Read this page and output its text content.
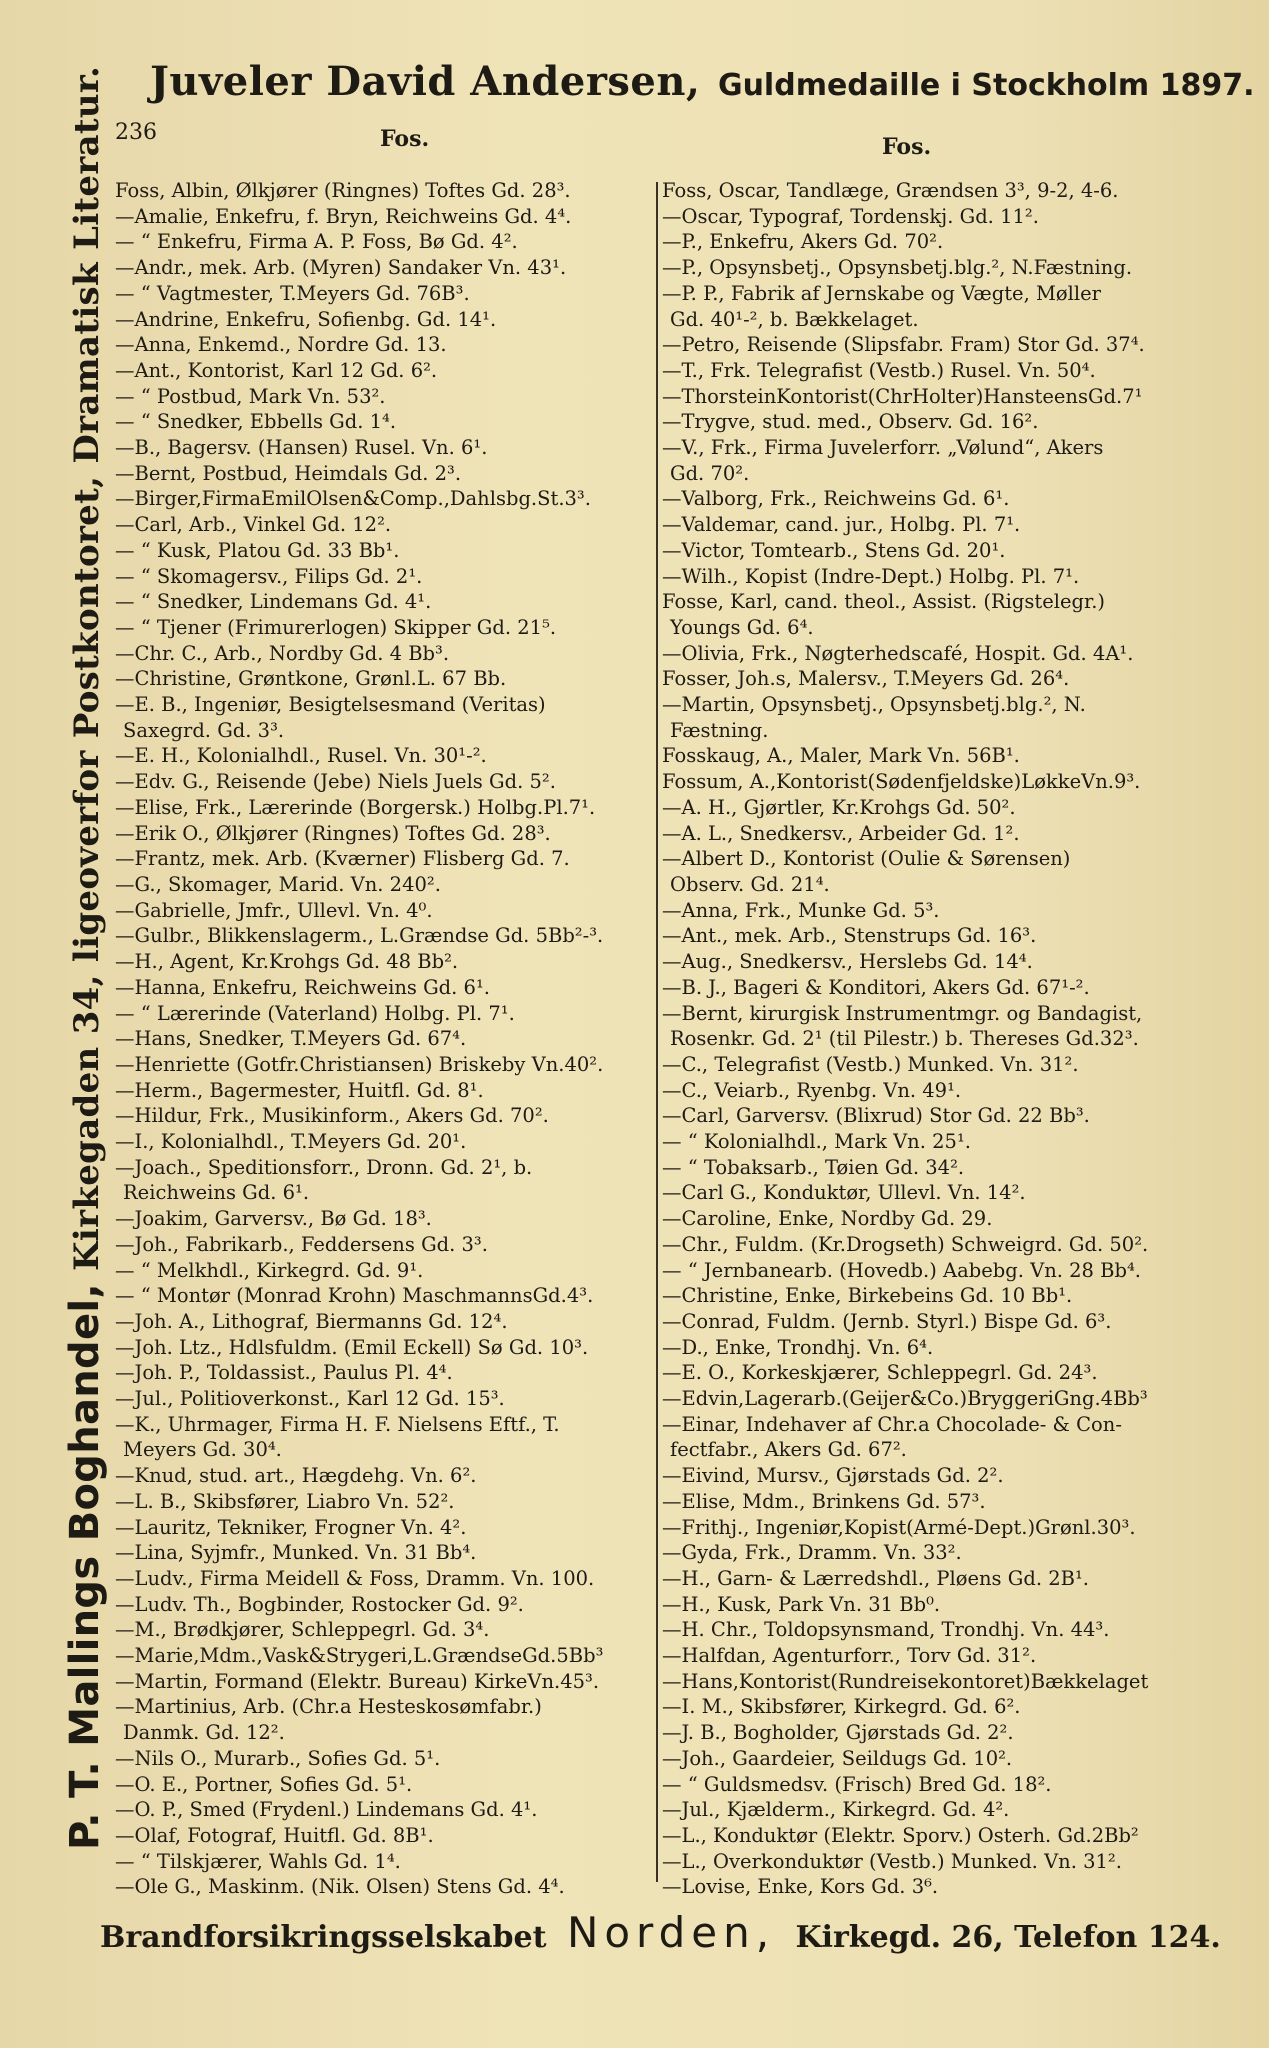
Juveler David Andersen, Guldmedaille i Stockholm 1897.
236	Fos.	Fos.
P. T. Mallings Boghandel, Kirkegaden 34, ligeoverfor Postkontoret, Dramatisk Literatur. Foss, Albin, Ølkjører (Ringnes) Toftes Gd. 28³.
—Amalie, Enkefru, f. Bryn, Reichweins Gd. 4⁴.
— “ Enkefru, Firma A. P. Foss, Bø Gd. 4².
—Andr., mek. Arb. (Myren) Sandaker Vn. 43¹.
— “ Vagtmester, T.Meyers Gd. 76B³.
—Andrine, Enkefru, Sofienbg. Gd. 14¹.
—Anna, Enkemd., Nordre Gd. 13.
—Ant., Kontorist, Karl 12 Gd. 6².
— “ Postbud, Mark Vn. 53².
— “ Snedker, Ebbells Gd. 1⁴.
—B., Bagersv. (Hansen) Rusel. Vn. 6¹.
—Bernt, Postbud, Heimdals Gd. 2³.
—Birger,FirmaEmilOlsen&Comp.,Dahlsbg.St.3³.
—Carl, Arb., Vinkel Gd. 12².
— “ Kusk, Platou Gd. 33 Bb¹.
— “ Skomagersv., Filips Gd. 2¹.
— “ Snedker, Lindemans Gd. 4¹.
— “ Tjener (Frimurerlogen) Skipper Gd. 21⁵.
—Chr. C., Arb., Nordby Gd. 4 Bb³.
—Christine, Grøntkone, Grønl.L. 67 Bb.
—E. B., Ingeniør, Besigtelsesmand (Veritas)
Saxegrd. Gd. 3³.
—E. H., Kolonialhdl., Rusel. Vn. 30¹-².
—Edv. G., Reisende (Jebe) Niels Juels Gd. 5².
—Elise, Frk., Lærerinde (Borgersk.) Holbg.Pl.7¹.
—Erik O., Ølkjører (Ringnes) Toftes Gd. 28³.
—Frantz, mek. Arb. (Kværner) Flisberg Gd. 7.
—G., Skomager, Marid. Vn. 240².
—Gabrielle, Jmfr., Ullevl. Vn. 4⁰.
—Gulbr., Blikkenslagerm., L.Grændse Gd. 5Bb²-³.
—H., Agent, Kr.Krohgs Gd. 48 Bb².
—Hanna, Enkefru, Reichweins Gd. 6¹.
— “ Lærerinde (Vaterland) Holbg. Pl. 7¹.
—Hans, Snedker, T.Meyers Gd. 67⁴.
—Henriette (Gotfr.Christiansen) Briskeby Vn.40².
—Herm., Bagermester, Huitfl. Gd. 8¹.
—Hildur, Frk., Musikinform., Akers Gd. 70².
—I., Kolonialhdl., T.Meyers Gd. 20¹.
—Joach., Speditionsforr., Dronn. Gd. 2¹, b.
Reichweins Gd. 6¹.
—Joakim, Garversv., Bø Gd. 18³.
—Joh., Fabrikarb., Feddersens Gd. 3³.
— “ Melkhdl., Kirkegrd. Gd. 9¹.
— “ Montør (Monrad Krohn) MaschmannsGd.4³.
—Joh. A., Lithograf, Biermanns Gd. 12⁴.
—Joh. Ltz., Hdlsfuldm. (Emil Eckell) Sø Gd. 10³.
—Joh. P., Toldassist., Paulus Pl. 4⁴.
—Jul., Politioverkonst., Karl 12 Gd. 15³.
—K., Uhrmager, Firma H. F. Nielsens Eftf., T.
Meyers Gd. 30⁴.
—Knud, stud. art., Hægdehg. Vn. 6².
—L. B., Skibsfører, Liabro Vn. 52².
—Lauritz, Tekniker, Frogner Vn. 4².
—Lina, Syjmfr., Munked. Vn. 31 Bb⁴.
—Ludv., Firma Meidell & Foss, Dramm. Vn. 100.
—Ludv. Th., Bogbinder, Rostocker Gd. 9².
—M., Brødkjører, Schleppegrl. Gd. 3⁴.
—Marie,Mdm.,Vask&Strygeri,L.GrændseGd.5Bb³
—Martin, Formand (Elektr. Bureau) KirkeVn.45³.
—Martinius, Arb. (Chr.a Hesteskosømfabr.)
Danmk. Gd. 12².
—Nils O., Murarb., Sofies Gd. 5¹.
—O. E., Portner, Sofies Gd. 5¹.
—O. P., Smed (Frydenl.) Lindemans Gd. 4¹.
—Olaf, Fotograf, Huitfl. Gd. 8B¹.
— “ Tilskjærer, Wahls Gd. 1⁴.
—Ole G., Maskinm. (Nik. Olsen) Stens Gd. 4⁴.
Foss, Oscar, Tandlæge, Grændsen 3³, 9-2, 4-6.
—Oscar, Typograf, Tordenskj. Gd. 11².
—P., Enkefru, Akers Gd. 70².
—P., Opsynsbetj., Opsynsbetj.blg.², N.Fæstning.
—P. P., Fabrik af Jernskabe og Vægte, Møller
Gd. 40¹-², b. Bækkelaget.
—Petro, Reisende (Slipsfabr. Fram) Stor Gd. 37⁴.
—T., Frk. Telegrafist (Vestb.) Rusel. Vn. 50⁴.
—ThorsteinKontorist(ChrHolter)HansteensGd.7¹
—Trygve, stud. med., Observ. Gd. 16².
—V., Frk., Firma Juvelerforr. „Vølund“, Akers
Gd. 70².
—Valborg, Frk., Reichweins Gd. 6¹.
—Valdemar, cand. jur., Holbg. Pl. 7¹.
—Victor, Tomtearb., Stens Gd. 20¹.
—Wilh., Kopist (Indre-Dept.) Holbg. Pl. 7¹.
Fosse, Karl, cand. theol., Assist. (Rigstelegr.)
Youngs Gd. 6⁴.
—Olivia, Frk., Nøgterhedscafé, Hospit. Gd. 4A¹.
Fosser, Joh.s, Malersv., T.Meyers Gd. 26⁴.
—Martin, Opsynsbetj., Opsynsbetj.blg.², N.
Fæstning.
Fosskaug, A., Maler, Mark Vn. 56B¹.
Fossum, A.,Kontorist(Sødenfjeldske)LøkkeVn.9³.
—A. H., Gjørtler, Kr.Krohgs Gd. 50².
—A. L., Snedkersv., Arbeider Gd. 1².
—Albert D., Kontorist (Oulie & Sørensen)
Observ. Gd. 21⁴.
—Anna, Frk., Munke Gd. 5³.
—Ant., mek. Arb., Stenstrups Gd. 16³.
—Aug., Snedkersv., Herslebs Gd. 14⁴.
—B. J., Bageri & Konditori, Akers Gd. 67¹-².
—Bernt, kirurgisk Instrumentmgr. og Bandagist,
Rosenkr. Gd. 2¹ (til Pilestr.) b. Thereses Gd.32³.
—C., Telegrafist (Vestb.) Munked. Vn. 31².
—C., Veiarb., Ryenbg. Vn. 49¹.
—Carl, Garversv. (Blixrud) Stor Gd. 22 Bb³.
— “ Kolonialhdl., Mark Vn. 25¹.
— “ Tobaksarb., Tøien Gd. 34².
—Carl G., Konduktør, Ullevl. Vn. 14².
—Caroline, Enke, Nordby Gd. 29.
—Chr., Fuldm. (Kr.Drogseth) Schweigrd. Gd. 50².
— “ Jernbanearb. (Hovedb.) Aabebg. Vn. 28 Bb⁴.
—Christine, Enke, Birkebeins Gd. 10 Bb¹.
—Conrad, Fuldm. (Jernb. Styrl.) Bispe Gd. 6³.
—D., Enke, Trondhj. Vn. 6⁴.
—E. O., Korkeskjærer, Schleppegrl. Gd. 24³.
—Edvin,Lagerarb.(Geijer&Co.)BryggeriGng.4Bb³
—Einar, Indehaver af Chr.a Chocolade- & Con-
fectfabr., Akers Gd. 67².
—Eivind, Mursv., Gjørstads Gd. 2².
—Elise, Mdm., Brinkens Gd. 57³.
—Frithj., Ingeniør,Kopist(Armé-Dept.)Grønl.30³.
—Gyda, Frk., Dramm. Vn. 33².
—H., Garn- & Lærredshdl., Pløens Gd. 2B¹.
—H., Kusk, Park Vn. 31 Bb⁰.
—H. Chr., Toldopsynsmand, Trondhj. Vn. 44³.
—Halfdan, Agenturforr., Torv Gd. 31².
—Hans,Kontorist(Rundreisekontoret)Bækkelaget
—I. M., Skibsfører, Kirkegrd. Gd. 6².
—J. B., Bogholder, Gjørstads Gd. 2².
—Joh., Gaardeier, Seildugs Gd. 10².
— “ Guldsmedsv. (Frisch) Bred Gd. 18².
—Jul., Kjælderm., Kirkegrd. Gd. 4².
—L., Konduktør (Elektr. Sporv.) Osterh. Gd.2Bb²
—L., Overkonduktør (Vestb.) Munked. Vn. 31².
—Lovise, Enke, Kors Gd. 3⁶.
Brandforsikringsselskabet Norden, Kirkegd. 26, Telefon 124.
